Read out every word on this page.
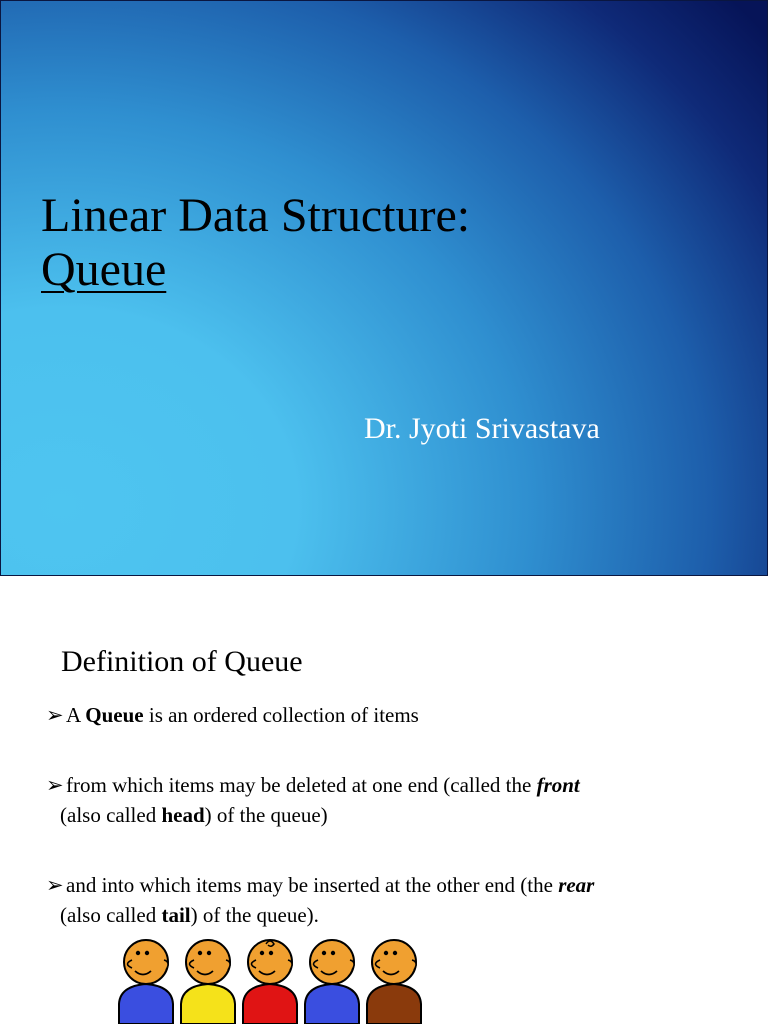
Linear Data Structure:
Queue
Dr. Jyoti Srivastava
Definition of Queue
➢ A Queue is an ordered collection of items
➢ from which items may be deleted at one end (called the front
(also called head) of the queue)
➢ and into which items may be inserted at the other end (the rear
(also called tail) of the queue).
